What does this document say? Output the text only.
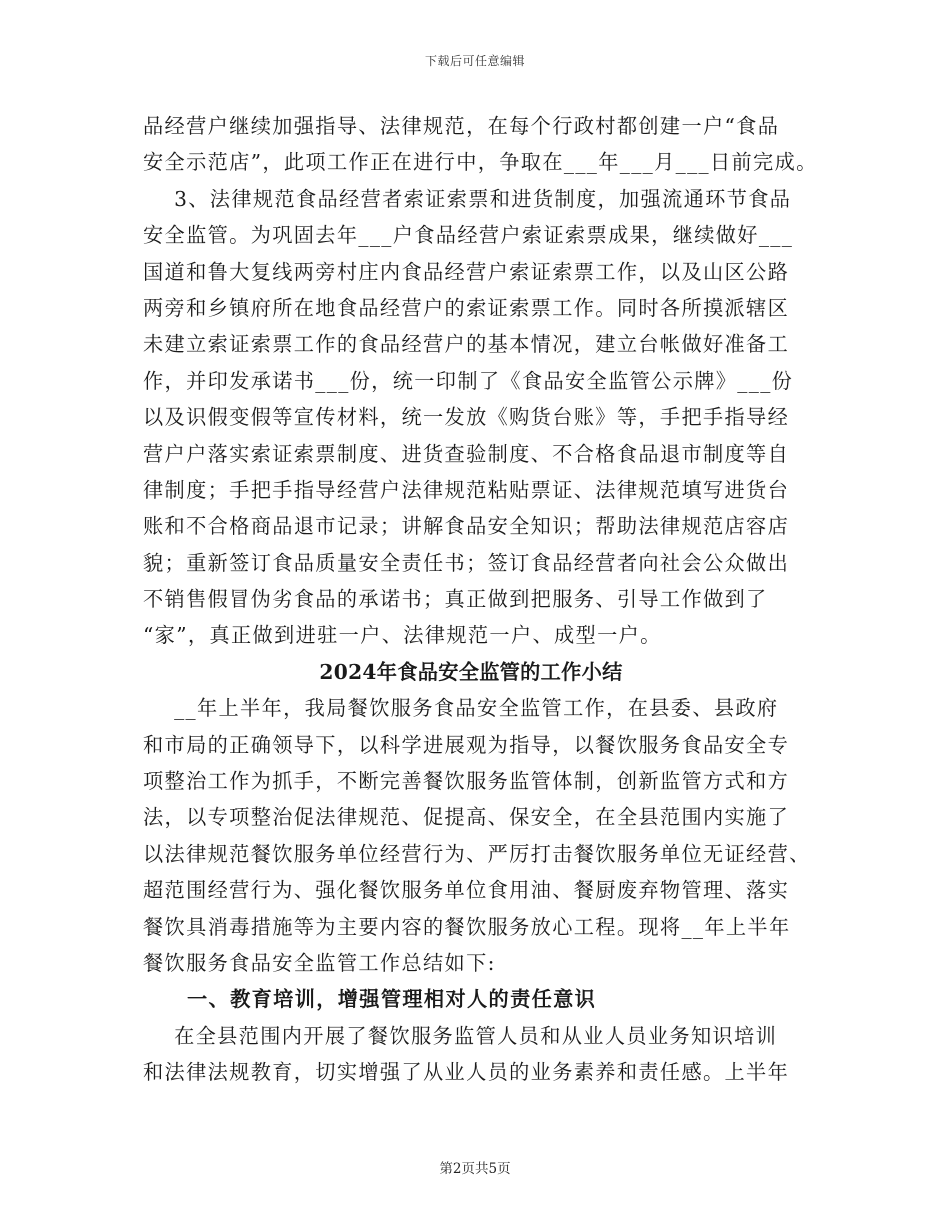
下载后可任意编辑
品经营户继续加强指导、法律规范，在每个行政村都创建一户“食品
安全示范店”，此项工作正在进行中，争取在___年___月___日前完成。
3、法律规范食品经营者索证索票和进货制度，加强流通环节食品
安全监管。为巩固去年___户食品经营户索证索票成果，继续做好___
国道和鲁大复线两旁村庄内食品经营户索证索票工作，以及山区公路
两旁和乡镇府所在地食品经营户的索证索票工作。同时各所摸派辖区
未建立索证索票工作的食品经营户的基本情况，建立台帐做好准备工
作，并印发承诺书___份，统一印制了《食品安全监管公示牌》___份
以及识假变假等宣传材料，统一发放《购货台账》等，手把手指导经
营户户落实索证索票制度、进货查验制度、不合格食品退市制度等自
律制度；手把手指导经营户法律规范粘贴票证、法律规范填写进货台
账和不合格商品退市记录；讲解食品安全知识；帮助法律规范店容店
貌；重新签订食品质量安全责任书；签订食品经营者向社会公众做出
不销售假冒伪劣食品的承诺书；真正做到把服务、引导工作做到了
“家”，真正做到进驻一户、法律规范一户、成型一户。
2024年食品安全监管的工作小结
__年上半年，我局餐饮服务食品安全监管工作，在县委、县政府
和市局的正确领导下，以科学进展观为指导，以餐饮服务食品安全专
项整治工作为抓手，不断完善餐饮服务监管体制，创新监管方式和方
法，以专项整治促法律规范、促提高、保安全，在全县范围内实施了
以法律规范餐饮服务单位经营行为、严厉打击餐饮服务单位无证经营、
超范围经营行为、强化餐饮服务单位食用油、餐厨废弃物管理、落实
餐饮具消毒措施等为主要内容的餐饮服务放心工程。现将__年上半年
餐饮服务食品安全监管工作总结如下:
一、教育培训，增强管理相对人的责任意识
在全县范围内开展了餐饮服务监管人员和从业人员业务知识培训
和法律法规教育，切实增强了从业人员的业务素养和责任感。上半年
第2页共5页
